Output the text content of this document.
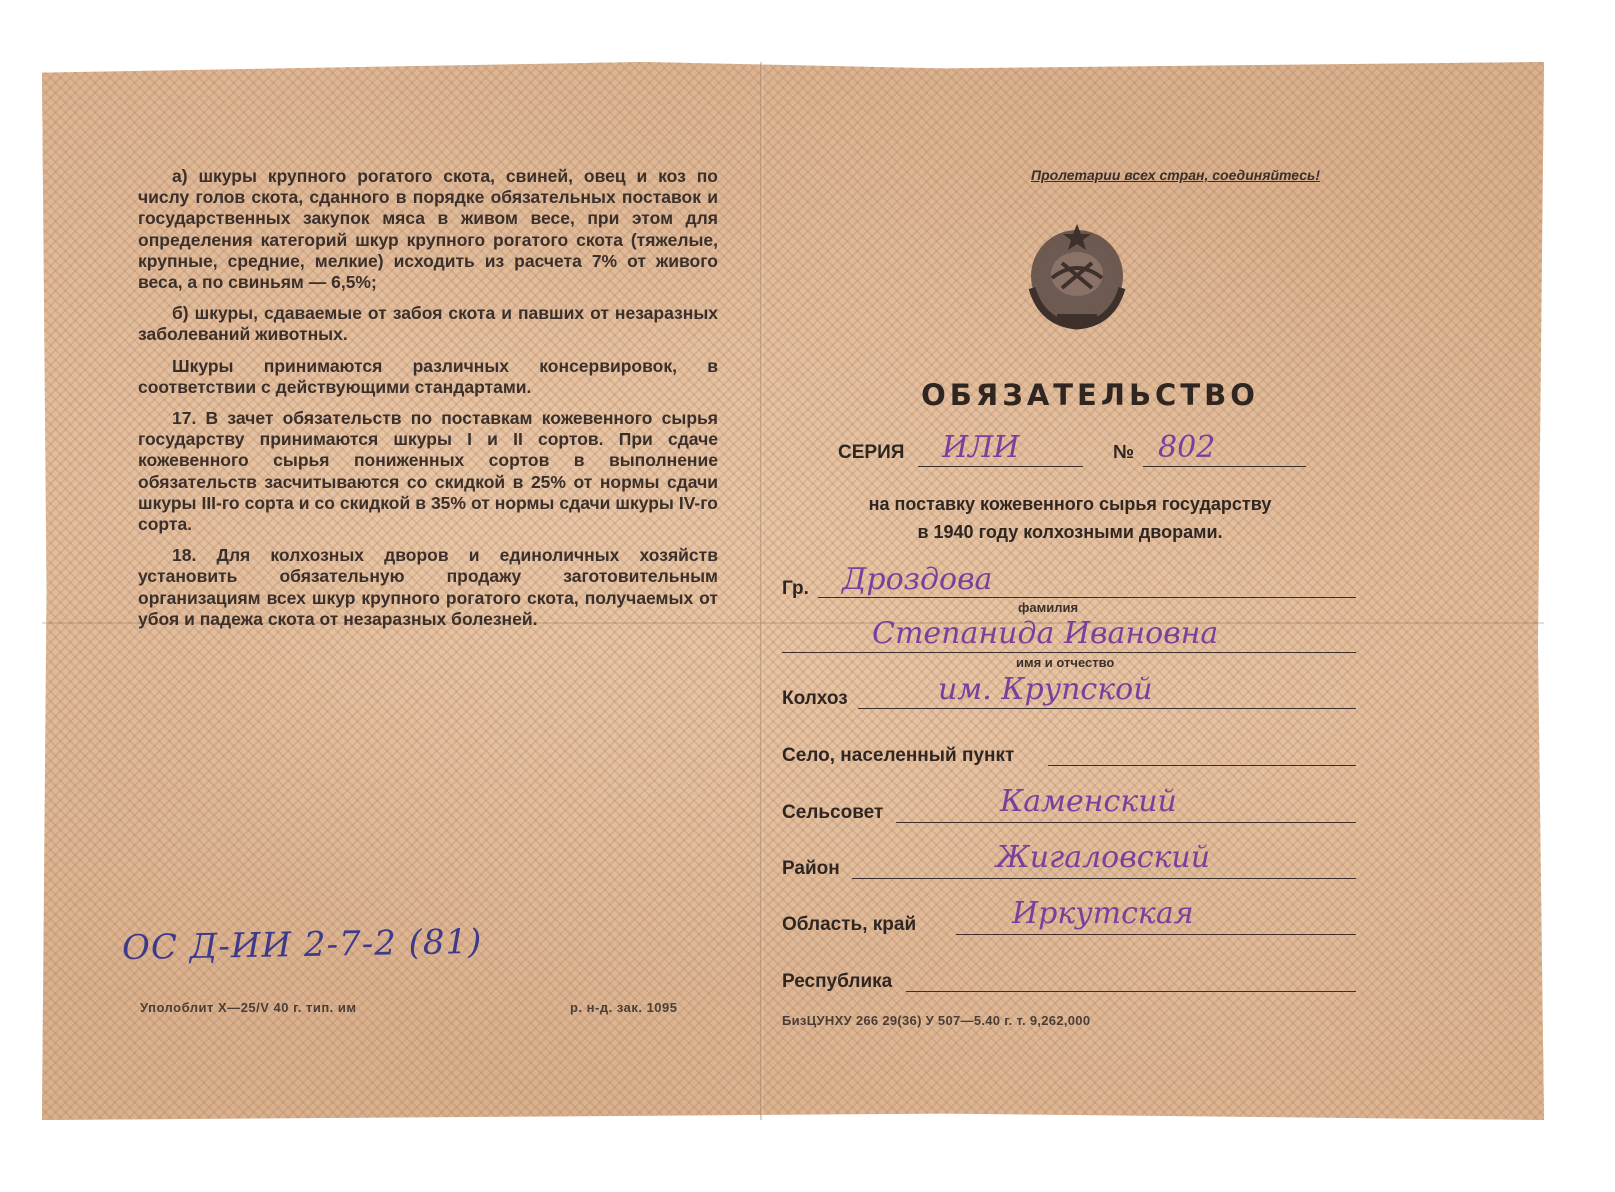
а) шкуры крупного рогатого скота, свиней, овец и коз по числу голов скота, сданного в порядке обязательных поставок и государственных закупок мяса в живом весе, при этом для определения категорий шкур крупного рогатого скота (тяжелые, крупные, средние, мелкие) исходить из расчета 7% от живого веса, а по свиньям — 6,5%;

б) шкуры, сдаваемые от забоя скота и павших от незаразных заболеваний животных.

Шкуры принимаются различных консервировок, в соответствии с действующими стандартами.

17. В зачет обязательств по поставкам кожевенного сырья государству принимаются шкуры I и II сортов. При сдаче кожевенного сырья пониженных сортов в выполнение обязательств засчитываются со скидкой в 25% от нормы сдачи шкуры III-го сорта и со скидкой в 35% от нормы сдачи шкуры IV-го сорта.

18. Для колхозных дворов и единоличных хозяйств установить обязательную продажу заготовительным организациям всех шкур крупного рогатого скота, получаемых от убоя и падежа скота от незаразных болезней.

ОС Д-ИИ 2-7-2 (81)
Уполоблит Х—25/V 40 г. тип. им	р. н-д. зак. 1095
Пролетарии всех стран, соединяйтесь!
ОБЯЗАТЕЛЬСТВО
СЕРИЯ ИЛИ	№ 802
на поставку кожевенного сырья государству
в 1940 году колхозными дворами.
Гр. Дроздова
фамилия
Степанида Ивановна
имя и отчество
Колхоз	им. Крупской
Село, населенный пункт
Сельсовет	Каменский
Район	Жигаловский
Область, край	Иркутская
Республика
БизЦУНХУ 266 29(36) У 507—5.40 г. т. 9,262,000
